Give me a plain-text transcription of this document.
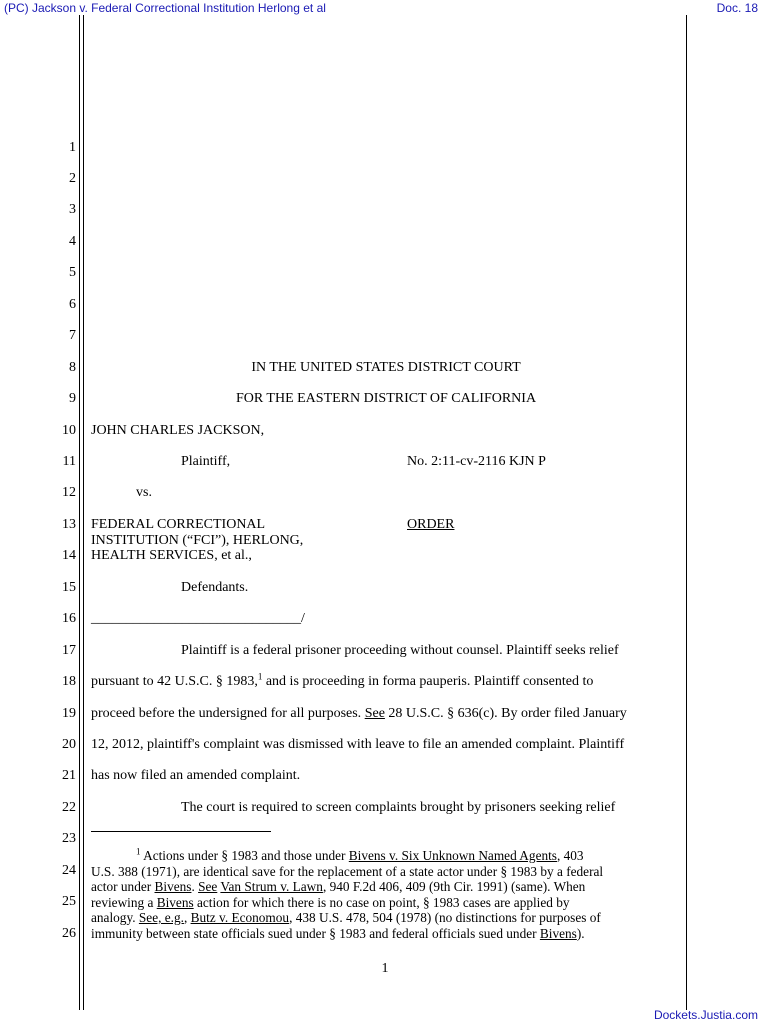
(PC) Jackson v. Federal Correctional Institution Herlong et al	Doc. 18
1
2
3
4
5
6
7
8
9
10
11
12
13
14
15
16
17
18
19
20
21
22
23
24
25
26
IN THE UNITED STATES DISTRICT COURT
FOR THE EASTERN DISTRICT OF CALIFORNIA
JOHN CHARLES JACKSON,
Plaintiff,	No. 2:11-cv-2116 KJN P
vs.
FEDERAL CORRECTIONAL
INSTITUTION (“FCI”), HERLONG,
HEALTH SERVICES, et al.,
ORDER
Defendants.
______________________________/
Plaintiff is a federal prisoner proceeding without counsel. Plaintiff seeks relief
pursuant to 42 U.S.C. § 1983,$^1$ and is proceeding in forma pauperis. Plaintiff consented to
proceed before the undersigned for all purposes. See 28 U.S.C. § 636(c). By order filed January
12, 2012, plaintiff's complaint was dismissed with leave to file an amended complaint. Plaintiff
has now filed an amended complaint.
The court is required to screen complaints brought by prisoners seeking relief
$^1$ Actions under § 1983 and those under Bivens v. Six Unknown Named Agents, 403
U.S. 388 (1971), are identical save for the replacement of a state actor under § 1983 by a federal
actor under Bivens. See Van Strum v. Lawn, 940 F.2d 406, 409 (9th Cir. 1991) (same). When
reviewing a Bivens action for which there is no case on point, § 1983 cases are applied by
analogy. See, e.g., Butz v. Economou, 438 U.S. 478, 504 (1978) (no distinctions for purposes of
immunity between state officials sued under § 1983 and federal officials sued under Bivens).
1
Dockets.Justia.com
